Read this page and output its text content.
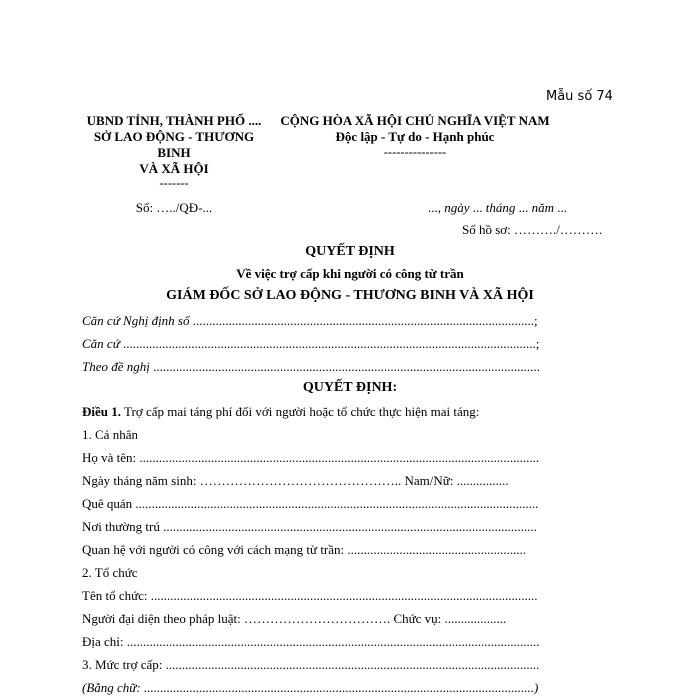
Mẫu số 74
UBND TỈNH, THÀNH PHỐ ....
SỞ LAO ĐỘNG - THƯƠNG
BINH
VÀ XÃ HỘI
-------
Số: …../QĐ-...
CỘNG HÒA XÃ HỘI CHỦ NGHĨA VIỆT NAM
Độc lập - Tự do - Hạnh phúc
---------------
..., ngày ... tháng ... năm ...
Số hồ sơ: ………./……….
QUYẾT ĐỊNH
Về việc trợ cấp khi người có công từ trần
GIÁM ĐỐC SỞ LAO ĐỘNG - THƯƠNG BINH VÀ XÃ HỘI
Căn cứ Nghị định số .........................................................................................................;
Căn cứ ...............................................................................................................................;
Theo đề nghị .......................................................................................................................
QUYẾT ĐỊNH:
Điều 1. Trợ cấp mai táng phí đối với người hoặc tổ chức thực hiện mai táng:
1. Cá nhân
Họ và tên: ...........................................................................................................................
Ngày tháng năm sinh: ……………………………………….. Nam/Nữ: ................
Quê quán ............................................................................................................................
Nơi thường trú ...................................................................................................................
Quan hệ với người có công với cách mạng từ trần: .......................................................
2. Tổ chức
Tên tổ chức: .......................................................................................................................
Người đại diện theo pháp luật: ……………………………. Chức vụ: ...................
Địa chỉ: ...............................................................................................................................
3. Mức trợ cấp: ...................................................................................................................
(Bằng chữ: ........................................................................................................................)
